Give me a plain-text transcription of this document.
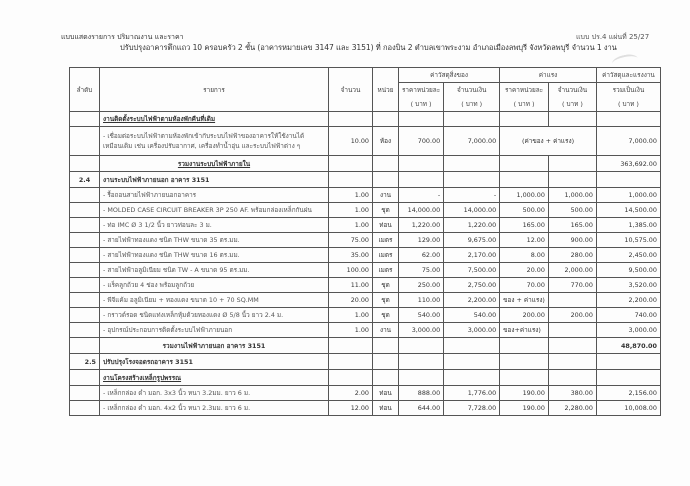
แบบแสดงรายการ ปริมาณงาน และราคา
ปรับปรุงอาคารตึกแถว 10 ครอบครัว 2 ชั้น (อาคารหมายเลข 3147 และ 3151) ที่ กองบิน 2 ตำบลเขาพระงาม อำเภอเมืองลพบุรี จังหวัดลพบุรี จำนวน 1 งาน
แบบ ปร.4 แผ่นที่ 25/27
ลำดับ	รายการ	จำนวน	หน่วย	ค่าวัสดุสิ่งของ		ค่าแรง		ค่าวัสดุและแรงงาน
				ราคาหน่วยละ	จำนวนเงิน	ราคาหน่วยละ	จำนวนเงิน	รวมเป็นเงิน
				( บาท )	( บาท )	( บาท )	( บาท )	( บาท )
	งานติดตั้งระบบไฟฟ้าตามห้องพักคืนที่เดิม							
	- เชื่อมต่อระบบไฟฟ้าตามห้องพักเข้ากับระบบไฟฟ้าของอาคารให้ใช้งานได้
เหมือนเดิม เช่น เครื่องปรับอากาศ, เครื่องทำน้ำอุ่น และระบบไฟฟ้าต่าง ๆ	10.00	ห้อง	700.00	7,000.00	(ค่าของ + ค่าแรง)		7,000.00
	รวมงานระบบไฟฟ้าภายใน							363,692.00
2.4	งานระบบไฟฟ้าภายนอก อาคาร 3151							
	- รื้อถอนสายไฟฟ้าภายนอกอาคาร	1.00	งาน	-	-	1,000.00	1,000.00	1,000.00
	- MOLDED CASE CIRCUIT BREAKER 3P 250 AF. พร้อมกล่องเหล็กกันฝน	1.00	ชุด	14,000.00	14,000.00	500.00	500.00	14,500.00
	- ท่อ IMC Ø 3 1/2 นิ้ว ยาวท่อนละ 3 ม.	1.00	ท่อน	1,220.00	1,220.00	165.00	165.00	1,385.00
	- สายไฟฟ้าทองแดง ชนิด THW ขนาด 35 ตร.มม.	75.00	เมตร	129.00	9,675.00	12.00	900.00	10,575.00
	- สายไฟฟ้าทองแดง ชนิด THW ขนาด 16 ตร.มม.	35.00	เมตร	62.00	2,170.00	8.00	280.00	2,450.00
	- สายไฟฟ้าอลูมิเนียม ชนิด TW - A ขนาด 95 ตร.มม.	100.00	เมตร	75.00	7,500.00	20.00	2,000.00	9,500.00
	- แร็คลูกถ้วย 4 ช่อง พร้อมลูกถ้วย	11.00	ชุด	250.00	2,750.00	70.00	770.00	3,520.00
	- พีจีแค้ม อลูมิเนียม + ทองแดง ขนาด 10 + 70 SQ.MM	20.00	ชุด	110.00	2,200.00	ของ + ค่าแรง)		2,200.00
	- กราวด์รอด ชนิดแท่งเหล็กหุ้มด้วยทองแดง Ø 5/8 นิ้ว ยาว 2.4 ม.	1.00	ชุด	540.00	540.00	200.00	200.00	740.00
	- อุปกรณ์ประกอบการติดตั้งระบบไฟฟ้าภายนอก	1.00	งาน	3,000.00	3,000.00	ของ+ค่าแรง)		3,000.00
	รวมงานไฟฟ้าภายนอก อาคาร 3151							48,870.00
2.5	ปรับปรุงโรงจอดรถอาคาร 3151							
	งานโครงสร้างเหล็กรูปพรรณ							
	- เหล็กกล่อง ดำ มอก. 3x3 นิ้ว หนา 3.2มม. ยาว 6 ม.	2.00	ท่อน	888.00	1,776.00	190.00	380.00	2,156.00
	- เหล็กกล่อง ดำ มอก. 4x2 นิ้ว หนา 2.3มม. ยาว 6 ม.	12.00	ท่อน	644.00	7,728.00	190.00	2,280.00	10,008.00
